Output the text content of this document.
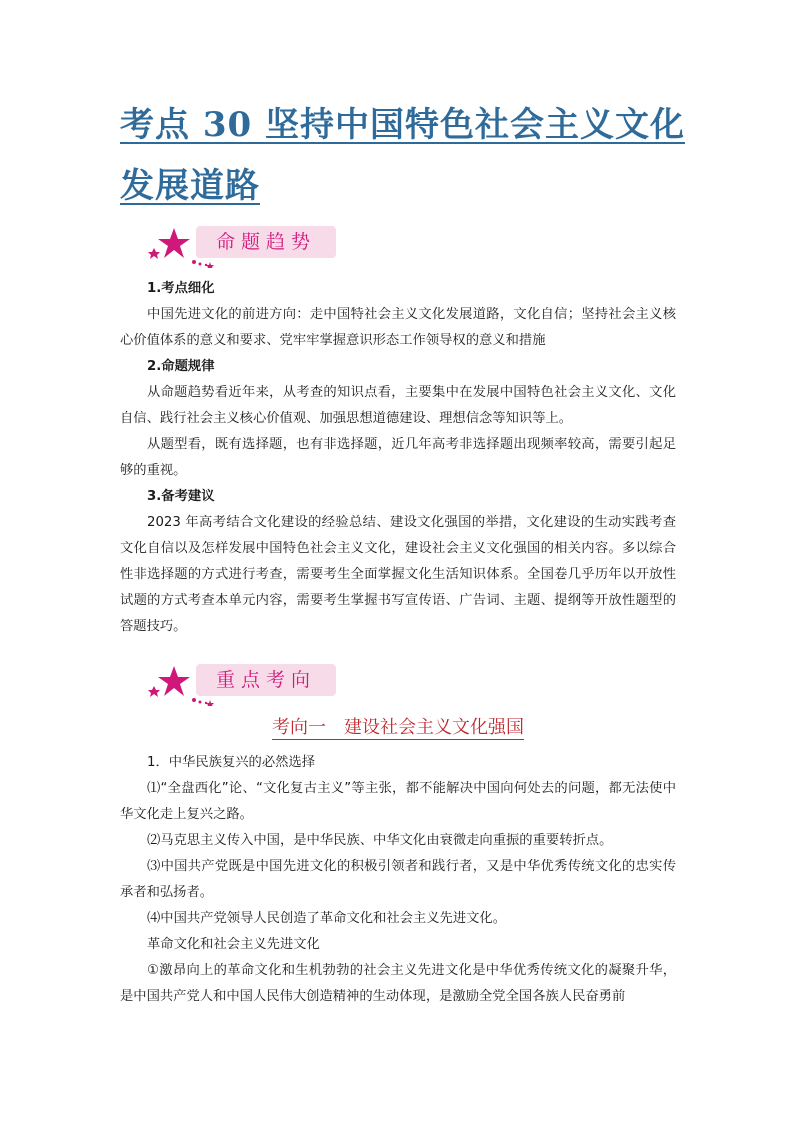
考点 30 坚持中国特色社会主义文化发展道路
命题趋势
1.考点细化

中国先进文化的前进方向：走中国特社会主义文化发展道路，文化自信；坚持社会主义核心价值体系的意义和要求、党牢牢掌握意识形态工作领导权的意义和措施

2.命题规律

从命题趋势看近年来，从考查的知识点看，主要集中在发展中国特色社会主义文化、文化自信、践行社会主义核心价值观、加强思想道德建设、理想信念等知识等上。

从题型看，既有选择题，也有非选择题，近几年高考非选择题出现频率较高，需要引起足够的重视。

3.备考建议

2023 年高考结合文化建设的经验总结、建设文化强国的举措，文化建设的生动实践考查文化自信以及怎样发展中国特色社会主义文化，建设社会主义文化强国的相关内容。多以综合性非选择题的方式进行考查，需要考生全面掌握文化生活知识体系。全国卷几乎历年以开放性试题的方式考查本单元内容，需要考生掌握书写宣传语、广告词、主题、提纲等开放性题型的答题技巧。

重点考向
考向一　建设社会主义文化强国
1．中华民族复兴的必然选择

⑴“全盘西化”论、“文化复古主义”等主张，都不能解决中国向何处去的问题，都无法使中华文化走上复兴之路。

⑵马克思主义传入中国，是中华民族、中华文化由衰微走向重振的重要转折点。

⑶中国共产党既是中国先进文化的积极引领者和践行者，又是中华优秀传统文化的忠实传承者和弘扬者。

⑷中国共产党领导人民创造了革命文化和社会主义先进文化。

革命文化和社会主义先进文化

①激昂向上的革命文化和生机勃勃的社会主义先进文化是中华优秀传统文化的凝聚升华，是中国共产党人和中国人民伟大创造精神的生动体现，是激励全党全国各族人民奋勇前
